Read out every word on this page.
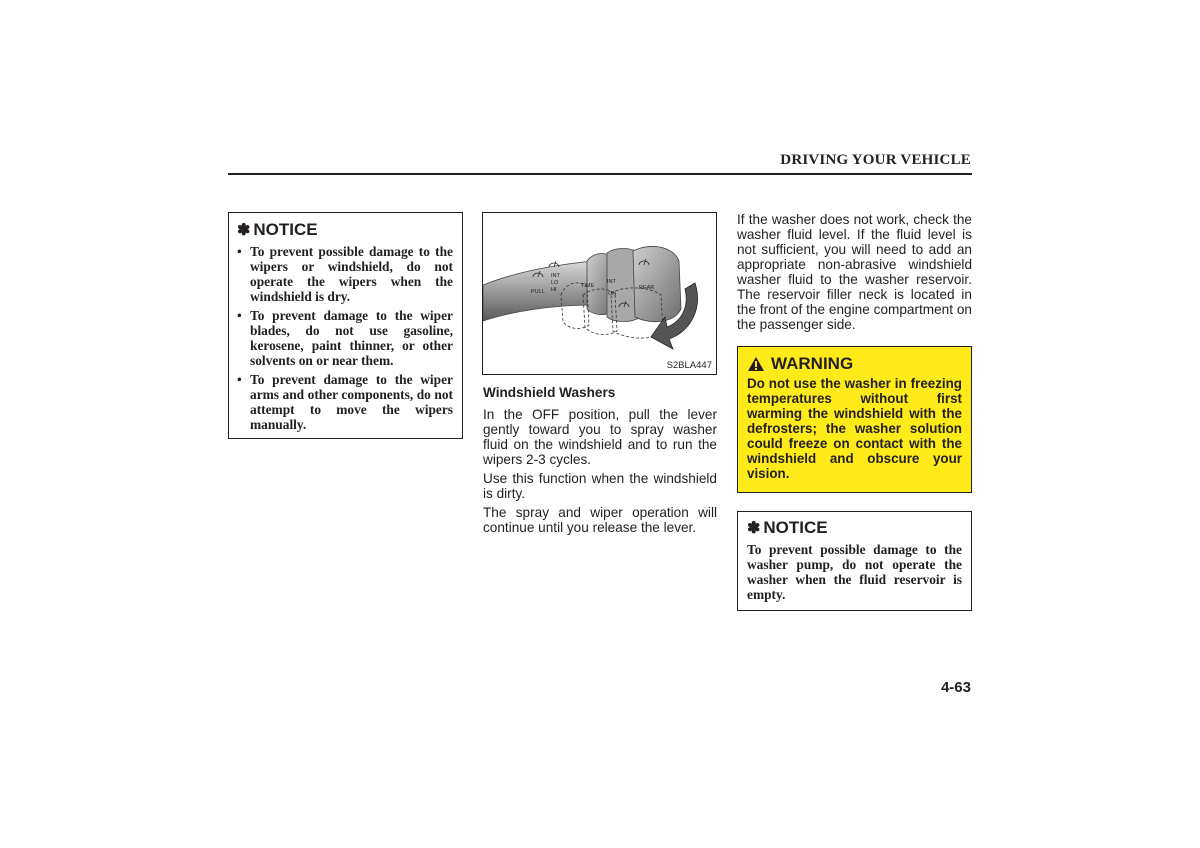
DRIVING YOUR VEHICLE
✽ NOTICE
• To prevent possible damage to the wipers or windshield, do not operate the wipers when the windshield is dry.
• To prevent damage to the wiper blades, do not use gasoline, kerosene, paint thinner, or other solvents on or near them.
• To prevent damage to the wiper arms and other components, do not attempt to move the wipers manually.
PULL
INT
LO
HI
TIME
INT
ON
REAR
S2BLA447
Windshield Washers

In the OFF position, pull the lever gently toward you to spray washer fluid on the windshield and to run the wipers 2-3 cycles.

Use this function when the windshield is dirty.

The spray and wiper operation will continue until you release the lever.

If the washer does not work, check the washer fluid level. If the fluid level is not sufficient, you will need to add an appropriate non-abrasive windshield washer fluid to the washer reservoir. The reservoir filler neck is located in the front of the engine compartment on the passenger side.

WARNING

Do not use the washer in freezing temperatures without first warming the windshield with the defrosters; the washer solution could freeze on contact with the windshield and obscure your vision.

✽ NOTICE

To prevent possible damage to the washer pump, do not operate the washer when the fluid reservoir is empty.

4-63
